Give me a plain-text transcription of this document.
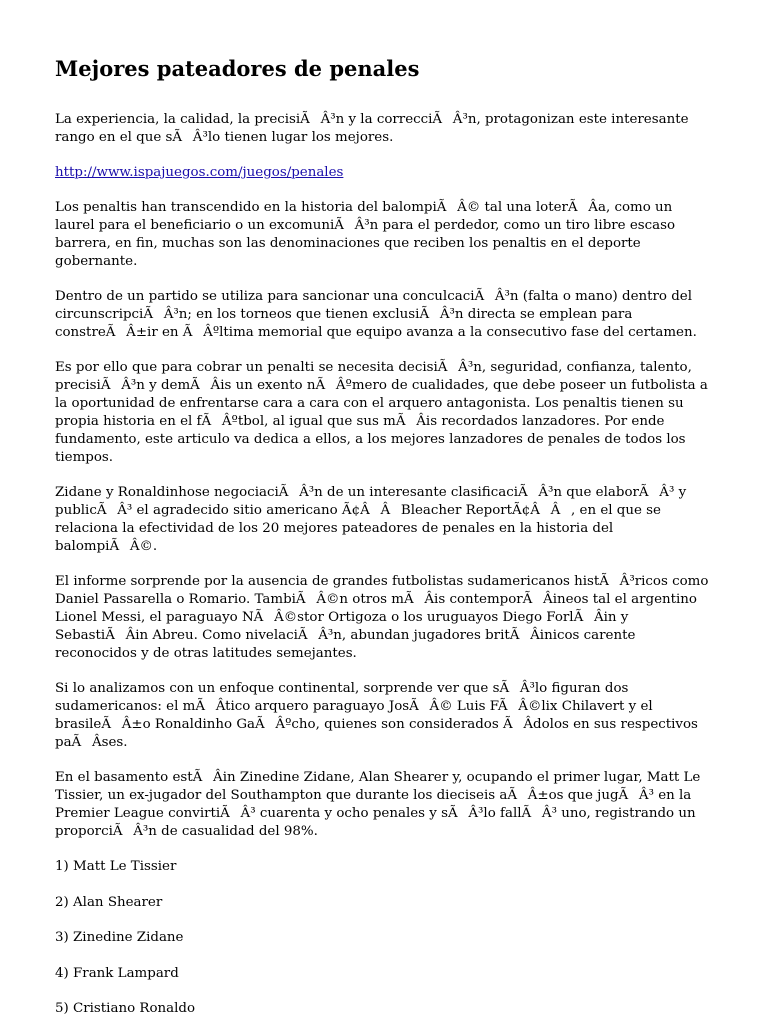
Mejores pateadores de penales

La experiencia, la calidad, la precisiÃÂ³n y la correcciÃÂ³n, protagonizan este interesante rango en el que sÃÂ³lo tienen lugar los mejores.

http://www.ispajuegos.com/juegos/penales

Los penaltis han transcendido en la historia del balompiÃÂ© tal una loterÃÂa, como un laurel para el beneficiario o un excomuniÃÂ³n para el perdedor, como un tiro libre escaso barrera, en fin, muchas son las denominaciones que reciben los penaltis en el deporte gobernante.

Dentro de un partido se utiliza para sancionar una conculcaciÃÂ³n (falta o mano) dentro del circunscripciÃÂ³n; en los torneos que tienen exclusiÃÂ³n directa se emplean para constreÃÂ±ir en ÃÂºltima memorial que equipo avanza a la consecutivo fase del certamen.

Es por ello que para cobrar un penalti se necesita decisiÃÂ³n, seguridad, confianza, talento, precisiÃÂ³n y demÃÂis un exento nÃÂºmero de cualidades, que debe poseer un futbolista a la oportunidad de enfrentarse cara a cara con el arquero antagonista. Los penaltis tienen su propia historia en el fÃÂºtbol, al igual que sus mÃÂis recordados lanzadores. Por ende fundamento, este articulo va dedica a ellos, a los mejores lanzadores de penales de todos los tiempos.

Zidane y Ronaldinhose negociaciÃÂ³n de un interesante clasificaciÃÂ³n que elaborÃÂ³ y publicÃÂ³ el agradecido sitio americano Ã¢ÂÂBleacher ReportÃ¢ÂÂ, en el que se relaciona la efectividad de los 20 mejores pateadores de penales en la historia del balompiÃÂ©.

El informe sorprende por la ausencia de grandes futbolistas sudamericanos histÃÂ³ricos como Daniel Passarella o Romario. TambiÃÂ©n otros mÃÂis contemporÃÂineos tal el argentino Lionel Messi, el paraguayo NÃÂ©stor Ortigoza o los uruguayos Diego ForlÃÂin y SebastiÃÂin Abreu. Como nivelaciÃÂ³n, abundan jugadores britÃÂinicos carente reconocidos y de otras latitudes semejantes.

Si lo analizamos con un enfoque continental, sorprende ver que sÃÂ³lo figuran dos sudamericanos: el mÃÂtico arquero paraguayo JosÃÂ© Luis FÃÂ©lix Chilavert y el brasileÃÂ±o Ronaldinho GaÃÂºcho, quienes son considerados ÃÂdolos en sus respectivos paÃÂses.

En el basamento estÃÂin Zinedine Zidane, Alan Shearer y, ocupando el primer lugar, Matt Le Tissier, un ex-jugador del Southampton que durante los dieciseis aÃÂ±os que jugÃÂ³ en la Premier League convirtiÃÂ³ cuarenta y ocho penales y sÃÂ³lo fallÃÂ³ uno, registrando un proporciÃÂ³n de casualidad del 98%.

1) Matt Le Tissier

2) Alan Shearer

3) Zinedine Zidane

4) Frank Lampard

5) Cristiano Ronaldo
